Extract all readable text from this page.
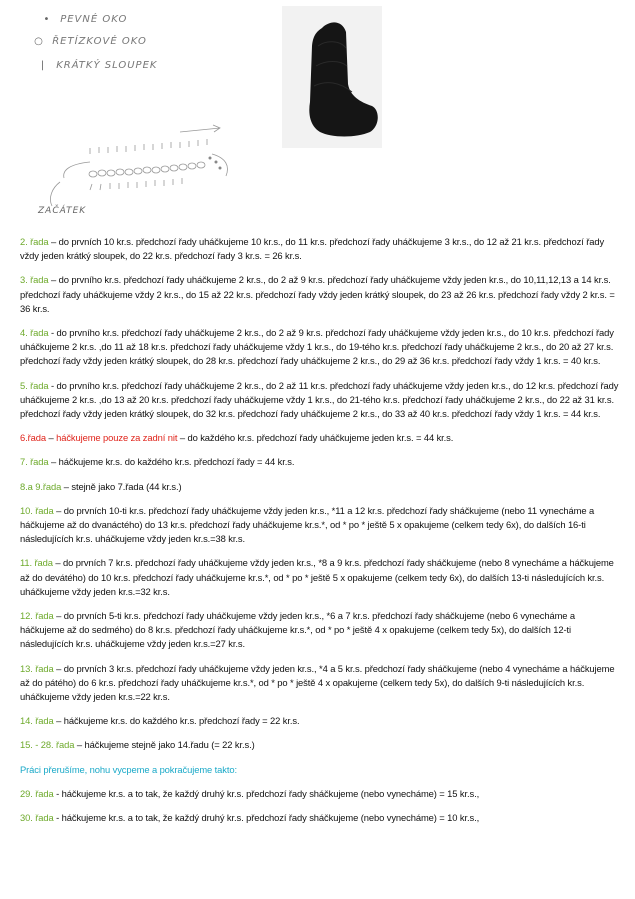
• PEVNÉ OKO
○ ŘETÍZKOVÉ OKO
| KRÁTKÝ SLOUPEK
ZAČÁTEK

2. řada – do prvních 10 kr.s. předchozí řady uháčkujeme 10 kr.s., do 11 kr.s. předchozí řady uháčkujeme 3 kr.s., do 12 až 21 kr.s. předchozí řady vždy jeden krátký sloupek, do 22 kr.s. předchozí řady 3 kr.s. = 26 kr.s.

3. řada – do prvního kr.s. předchozí řady uháčkujeme 2 kr.s., do 2 až 9 kr.s. předchozí řady uháčkujeme vždy jeden kr.s., do 10,11,12,13 a 14 kr.s. předchozí řady uháčkujeme vždy 2 kr.s., do 15 až 22 kr.s. předchozí řady vždy jeden krátký sloupek, do 23 až 26 kr.s. předchozí řady vždy 2 kr.s. = 36 kr.s.

4. řada - do prvního kr.s. předchozí řady uháčkujeme 2 kr.s., do 2 až 9 kr.s. předchozí řady uháčkujeme vždy jeden kr.s., do 10 kr.s. předchozí řady uháčkujeme 2 kr.s. ,do 11 až 18 kr.s. předchozí řady uháčkujeme vždy 1 kr.s., do 19-tého kr.s. předchozí řady uháčkujeme 2 kr.s., do 20 až 27 kr.s. předchozí řady vždy jeden krátký sloupek, do 28 kr.s. předchozí řady uháčkujeme 2 kr.s., do 29 až 36 kr.s. předchozí řady vždy 1 kr.s. = 40 kr.s.

5. řada - do prvního kr.s. předchozí řady uháčkujeme 2 kr.s., do 2 až 11 kr.s. předchozí řady uháčkujeme vždy jeden kr.s., do 12 kr.s. předchozí řady uháčkujeme 2 kr.s. ,do 13 až 20 kr.s. předchozí řady uháčkujeme vždy 1 kr.s., do 21-tého kr.s. předchozí řady uháčkujeme 2 kr.s., do 22 až 31 kr.s. předchozí řady vždy jeden krátký sloupek, do 32 kr.s. předchozí řady uháčkujeme 2 kr.s., do 33 až 40 kr.s. předchozí řady vždy 1 kr.s. = 44 kr.s.

6.řada – háčkujeme pouze za zadní nit – do každého kr.s. předchozí řady uháčkujeme jeden kr.s. = 44 kr.s.

7. řada – háčkujeme kr.s. do každého kr.s. předchozí řady = 44 kr.s.

8.a 9.řada – stejně jako 7.řada (44 kr.s.)

10. řada – do prvních 10-ti kr.s. předchozí řady uháčkujeme vždy jeden kr.s., *11 a 12 kr.s. předchozí řady sháčkujeme (nebo 11 vynecháme a háčkujeme až do dvanáctého) do 13 kr.s. předchozí řady uháčkujeme kr.s.*, od * po * ještě 5 x opakujeme (celkem tedy 6x), do dalších 16-ti následujících kr.s. uháčkujeme vždy jeden kr.s.=38 kr.s.

11. řada – do prvních 7 kr.s. předchozí řady uháčkujeme vždy jeden kr.s., *8 a 9 kr.s. předchozí řady sháčkujeme (nebo 8 vynecháme a háčkujeme až do devátého) do 10 kr.s. předchozí řady uháčkujeme kr.s.*, od * po * ještě 5 x opakujeme (celkem tedy 6x), do dalších 13-ti následujících kr.s. uháčkujeme vždy jeden kr.s.=32 kr.s.

12. řada – do prvních 5-ti kr.s. předchozí řady uháčkujeme vždy jeden kr.s., *6 a 7 kr.s. předchozí řady sháčkujeme (nebo 6 vynecháme a háčkujeme až do sedmého) do 8 kr.s. předchozí řady uháčkujeme kr.s.*, od * po * ještě 4 x opakujeme (celkem tedy 5x), do dalších 12-ti následujících kr.s. uháčkujeme vždy jeden kr.s.=27 kr.s.

13. řada – do prvních 3 kr.s. předchozí řady uháčkujeme vždy jeden kr.s., *4 a 5 kr.s. předchozí řady sháčkujeme (nebo 4 vynecháme a háčkujeme až do pátého) do 6 kr.s. předchozí řady uháčkujeme kr.s.*, od * po * ještě 4 x opakujeme (celkem tedy 5x), do dalších 9-ti následujících kr.s. uháčkujeme vždy jeden kr.s.=22 kr.s.

14. řada – háčkujeme kr.s. do každého kr.s. předchozí řady = 22 kr.s.

15. - 28. řada – háčkujeme stejně jako 14.řadu (= 22 kr.s.)

Práci přerušíme, nohu vycpeme a pokračujeme takto:

29. řada - háčkujeme kr.s. a to tak, že každý druhý kr.s. předchozí řady sháčkujeme (nebo vynecháme) = 15 kr.s.,

30. řada - háčkujeme kr.s. a to tak, že každý druhý kr.s. předchozí řady sháčkujeme (nebo vynecháme) = 10 kr.s.,
